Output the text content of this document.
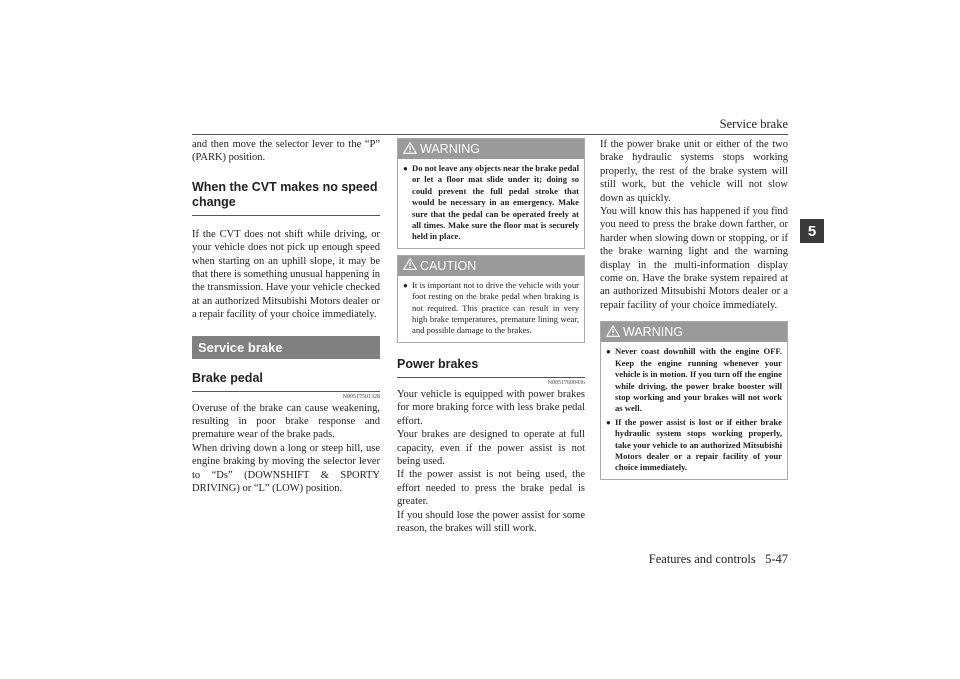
Service brake
5

and then move the selector lever to the “P” (PARK) position.

When the CVT makes no speed change

If the CVT does not shift while driving, or your vehicle does not pick up enough speed when starting on an uphill slope, it may be that there is something unusual happening in the transmission. Have your vehicle checked at an authorized Mitsubishi Motors dealer or a repair facility of your choice immediately.

Service brake
Brake pedal

N00517501328

Overuse of the brake can cause weakening, resulting in poor brake response and premature wear of the brake pads.
When driving down a long or steep hill, use engine braking by moving the selector lever to “Ds” (DOWNSHIFT & SPORTY DRIVING) or “L” (LOW) position.

WARNING
● Do not leave any objects near the brake pedal or let a floor mat slide under it; doing so could prevent the full pedal stroke that would be necessary in an emergency. Make sure that the pedal can be operated freely at all times. Make sure the floor mat is securely held in place.
CAUTION
● It is important not to drive the vehicle with your foot resting on the brake pedal when braking is not required. This practice can result in very high brake temperatures, premature lining wear, and possible damage to the brakes.
Power brakes

N00517600436

Your vehicle is equipped with power brakes for more braking force with less brake pedal effort.
Your brakes are designed to operate at full capacity, even if the power assist is not being used.
If the power assist is not being used, the effort needed to press the brake pedal is greater.
If you should lose the power assist for some reason, the brakes will still work.

If the power brake unit or either of the two brake hydraulic systems stops working properly, the rest of the brake system will still work, but the vehicle will not slow down as quickly.
You will know this has happened if you find you need to press the brake down farther, or harder when slowing down or stopping, or if the brake warning light and the warning display in the multi-information display come on. Have the brake system repaired at an authorized Mitsubishi Motors dealer or a repair facility of your choice immediately.

WARNING
● Never coast downhill with the engine OFF. Keep the engine running whenever your vehicle is in motion. If you turn off the engine while driving, the power brake booster will stop working and your brakes will not work as well.
● If the power assist is lost or if either brake hydraulic system stops working properly, take your vehicle to an authorized Mitsubishi Motors dealer or a repair facility of your choice immediately.
Features and controls 5-47
